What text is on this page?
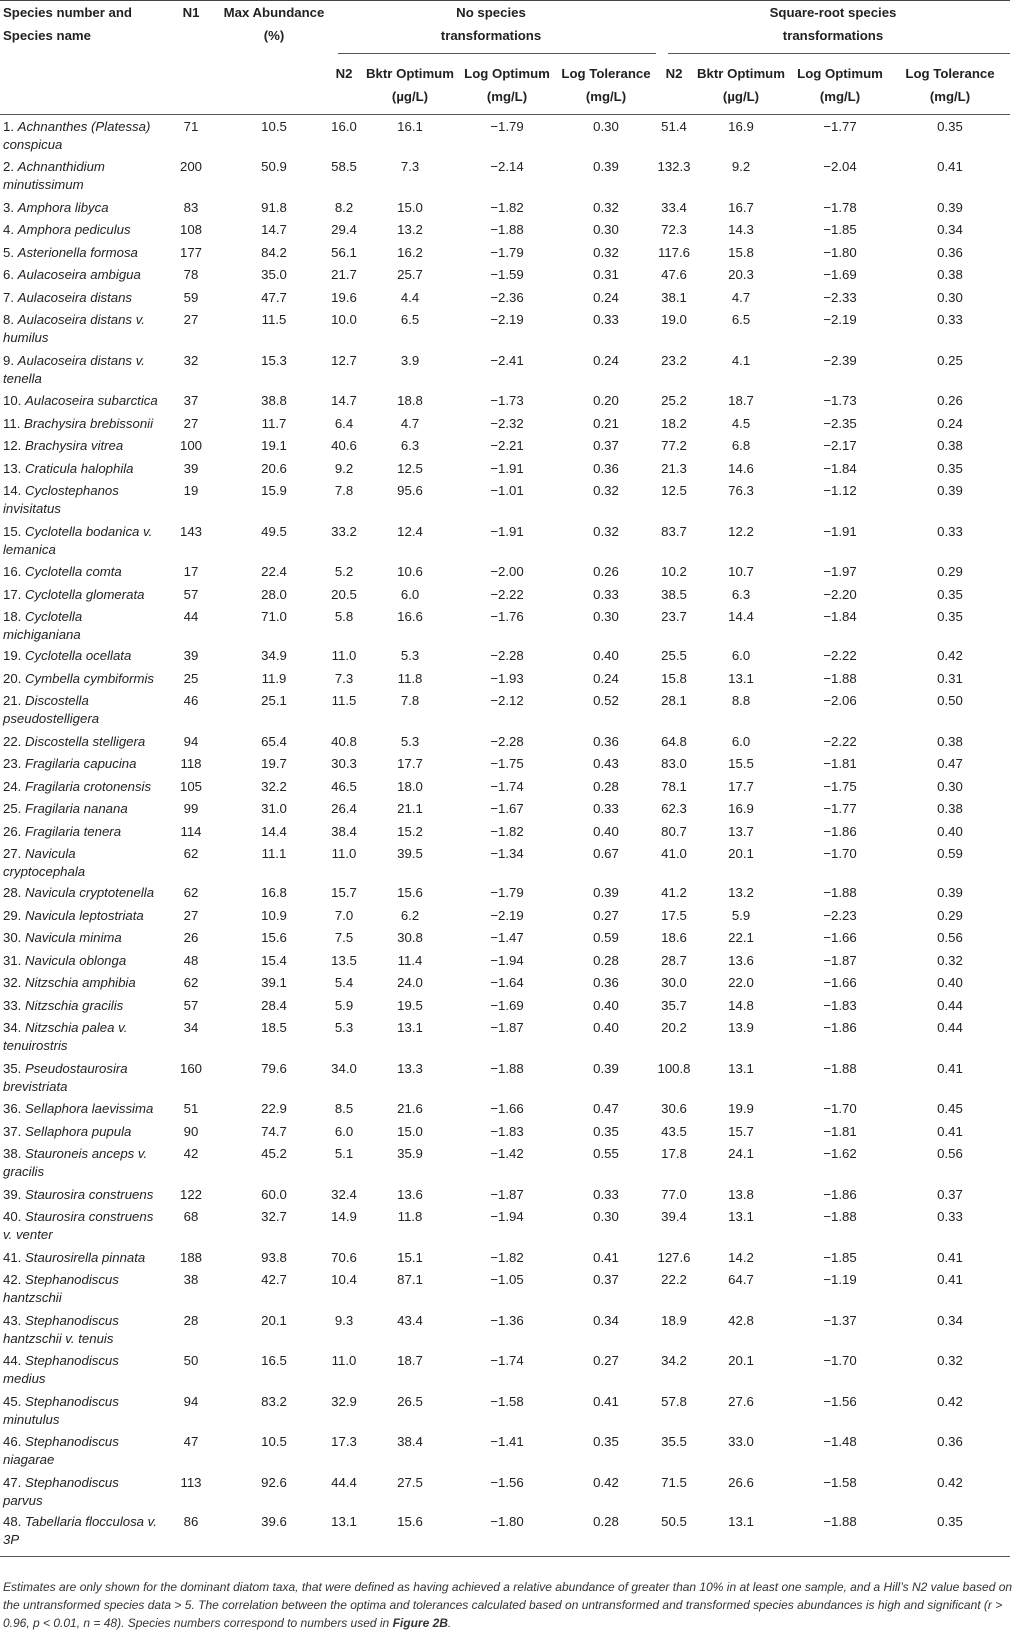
Species number and Species name	N1	Max Abundance (%)	No species transformations				Square-root species transformations			

			N2	Bktr Optimum (µg/L)	Log Optimum (mg/L)	Log Tolerance (mg/L)	N2	Bktr Optimum (µg/L)	Log Optimum (mg/L)	Log Tolerance (mg/L)
1. Achnanthes (Platessa) conspicua	71	10.5	16.0	16.1	−1.79	0.30	51.4	16.9	−1.77	0.35
2. Achnanthidium minutissimum	200	50.9	58.5	7.3	−2.14	0.39	132.3	9.2	−2.04	0.41
3. Amphora libyca	83	91.8	8.2	15.0	−1.82	0.32	33.4	16.7	−1.78	0.39
4. Amphora pediculus	108	14.7	29.4	13.2	−1.88	0.30	72.3	14.3	−1.85	0.34
5. Asterionella formosa	177	84.2	56.1	16.2	−1.79	0.32	117.6	15.8	−1.80	0.36
6. Aulacoseira ambigua	78	35.0	21.7	25.7	−1.59	0.31	47.6	20.3	−1.69	0.38
7. Aulacoseira distans	59	47.7	19.6	4.4	−2.36	0.24	38.1	4.7	−2.33	0.30
8. Aulacoseira distans v. humilus	27	11.5	10.0	6.5	−2.19	0.33	19.0	6.5	−2.19	0.33
9. Aulacoseira distans v. tenella	32	15.3	12.7	3.9	−2.41	0.24	23.2	4.1	−2.39	0.25
10. Aulacoseira subarctica	37	38.8	14.7	18.8	−1.73	0.20	25.2	18.7	−1.73	0.26
11. Brachysira brebissonii	27	11.7	6.4	4.7	−2.32	0.21	18.2	4.5	−2.35	0.24
12. Brachysira vitrea	100	19.1	40.6	6.3	−2.21	0.37	77.2	6.8	−2.17	0.38
13. Craticula halophila	39	20.6	9.2	12.5	−1.91	0.36	21.3	14.6	−1.84	0.35
14. Cyclostephanos invisitatus	19	15.9	7.8	95.6	−1.01	0.32	12.5	76.3	−1.12	0.39
15. Cyclotella bodanica v. lemanica	143	49.5	33.2	12.4	−1.91	0.32	83.7	12.2	−1.91	0.33
16. Cyclotella comta	17	22.4	5.2	10.6	−2.00	0.26	10.2	10.7	−1.97	0.29
17. Cyclotella glomerata	57	28.0	20.5	6.0	−2.22	0.33	38.5	6.3	−2.20	0.35
18. Cyclotella michiganiana	44	71.0	5.8	16.6	−1.76	0.30	23.7	14.4	−1.84	0.35
19. Cyclotella ocellata	39	34.9	11.0	5.3	−2.28	0.40	25.5	6.0	−2.22	0.42
20. Cymbella cymbiformis	25	11.9	7.3	11.8	−1.93	0.24	15.8	13.1	−1.88	0.31
21. Discostella pseudostelligera	46	25.1	11.5	7.8	−2.12	0.52	28.1	8.8	−2.06	0.50
22. Discostella stelligera	94	65.4	40.8	5.3	−2.28	0.36	64.8	6.0	−2.22	0.38
23. Fragilaria capucina	118	19.7	30.3	17.7	−1.75	0.43	83.0	15.5	−1.81	0.47
24. Fragilaria crotonensis	105	32.2	46.5	18.0	−1.74	0.28	78.1	17.7	−1.75	0.30
25. Fragilaria nanana	99	31.0	26.4	21.1	−1.67	0.33	62.3	16.9	−1.77	0.38
26. Fragilaria tenera	114	14.4	38.4	15.2	−1.82	0.40	80.7	13.7	−1.86	0.40
27. Navicula cryptocephala	62	11.1	11.0	39.5	−1.34	0.67	41.0	20.1	−1.70	0.59
28. Navicula cryptotenella	62	16.8	15.7	15.6	−1.79	0.39	41.2	13.2	−1.88	0.39
29. Navicula leptostriata	27	10.9	7.0	6.2	−2.19	0.27	17.5	5.9	−2.23	0.29
30. Navicula minima	26	15.6	7.5	30.8	−1.47	0.59	18.6	22.1	−1.66	0.56
31. Navicula oblonga	48	15.4	13.5	11.4	−1.94	0.28	28.7	13.6	−1.87	0.32
32. Nitzschia amphibia	62	39.1	5.4	24.0	−1.64	0.36	30.0	22.0	−1.66	0.40
33. Nitzschia gracilis	57	28.4	5.9	19.5	−1.69	0.40	35.7	14.8	−1.83	0.44
34. Nitzschia palea v. tenuirostris	34	18.5	5.3	13.1	−1.87	0.40	20.2	13.9	−1.86	0.44
35. Pseudostaurosira brevistriata	160	79.6	34.0	13.3	−1.88	0.39	100.8	13.1	−1.88	0.41
36. Sellaphora laevissima	51	22.9	8.5	21.6	−1.66	0.47	30.6	19.9	−1.70	0.45
37. Sellaphora pupula	90	74.7	6.0	15.0	−1.83	0.35	43.5	15.7	−1.81	0.41
38. Stauroneis anceps v. gracilis	42	45.2	5.1	35.9	−1.42	0.55	17.8	24.1	−1.62	0.56
39. Staurosira construens	122	60.0	32.4	13.6	−1.87	0.33	77.0	13.8	−1.86	0.37
40. Staurosira construens v. venter	68	32.7	14.9	11.8	−1.94	0.30	39.4	13.1	−1.88	0.33
41. Staurosirella pinnata	188	93.8	70.6	15.1	−1.82	0.41	127.6	14.2	−1.85	0.41
42. Stephanodiscus hantzschii	38	42.7	10.4	87.1	−1.05	0.37	22.2	64.7	−1.19	0.41
43. Stephanodiscus hantzschii v. tenuis	28	20.1	9.3	43.4	−1.36	0.34	18.9	42.8	−1.37	0.34
44. Stephanodiscus medius	50	16.5	11.0	18.7	−1.74	0.27	34.2	20.1	−1.70	0.32
45. Stephanodiscus minutulus	94	83.2	32.9	26.5	−1.58	0.41	57.8	27.6	−1.56	0.42
46. Stephanodiscus niagarae	47	10.5	17.3	38.4	−1.41	0.35	35.5	33.0	−1.48	0.36
47. Stephanodiscus parvus	113	92.6	44.4	27.5	−1.56	0.42	71.5	26.6	−1.58	0.42
48. Tabellaria flocculosa v. 3P	86	39.6	13.1	15.6	−1.80	0.28	50.5	13.1	−1.88	0.35
Estimates are only shown for the dominant diatom taxa, that were defined as having achieved a relative abundance of greater than 10% in at least one sample, and a Hill’s N2 value based on the untransformed species data > 5. The correlation between the optima and tolerances calculated based on untransformed and transformed species abundances is high and significant (r > 0.96, p < 0.01, n = 48). Species numbers correspond to numbers used in Figure 2B.
